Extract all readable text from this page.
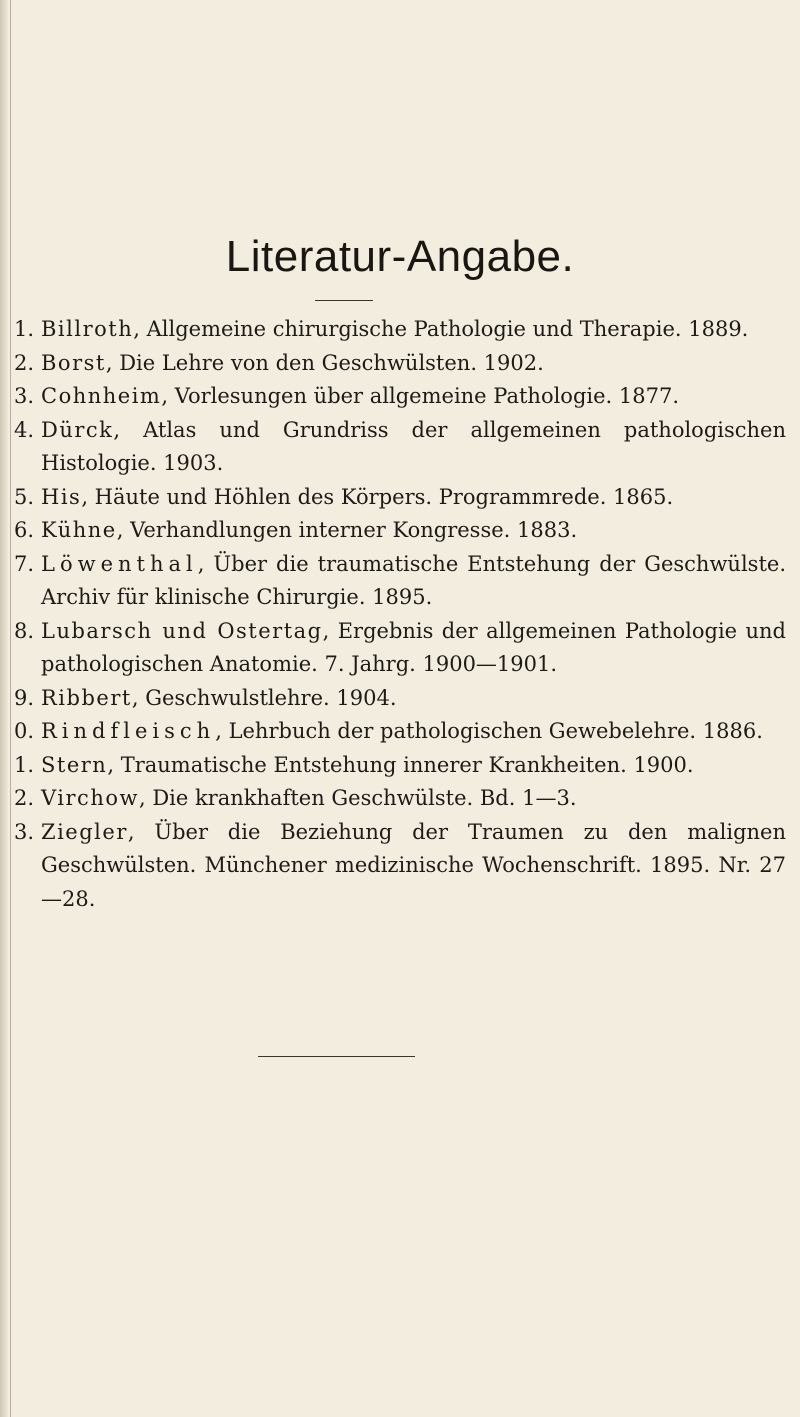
Literatur-Angabe.
1. Billroth, Allgemeine chirurgische Pathologie und Therapie. 1889.
2. Borst, Die Lehre von den Geschwülsten. 1902.
3. Cohnheim, Vorlesungen über allgemeine Pathologie. 1877.
4. Dürck, Atlas und Grundriss der allgemeinen pathologischen Histologie. 1903.
5. His, Häute und Höhlen des Körpers. Programmrede. 1865.
6. Kühne, Verhandlungen interner Kongresse. 1883.
7. Löwenthal, Über die traumatische Entstehung der Geschwülste. Archiv für klinische Chirurgie. 1895.
8. Lubarsch und Ostertag, Ergebnis der allgemeinen Pathologie und pathologischen Anatomie. 7. Jahrg. 1900—1901.
9. Ribbert, Geschwulstlehre. 1904.
0. Rindfleisch, Lehrbuch der pathologischen Gewebelehre. 1886.
1. Stern, Traumatische Entstehung innerer Krankheiten. 1900.
2. Virchow, Die krankhaften Geschwülste. Bd. 1—3.
3. Ziegler, Über die Beziehung der Traumen zu den malignen Geschwülsten. Münchener medizinische Wochenschrift. 1895. Nr. 27—28.
